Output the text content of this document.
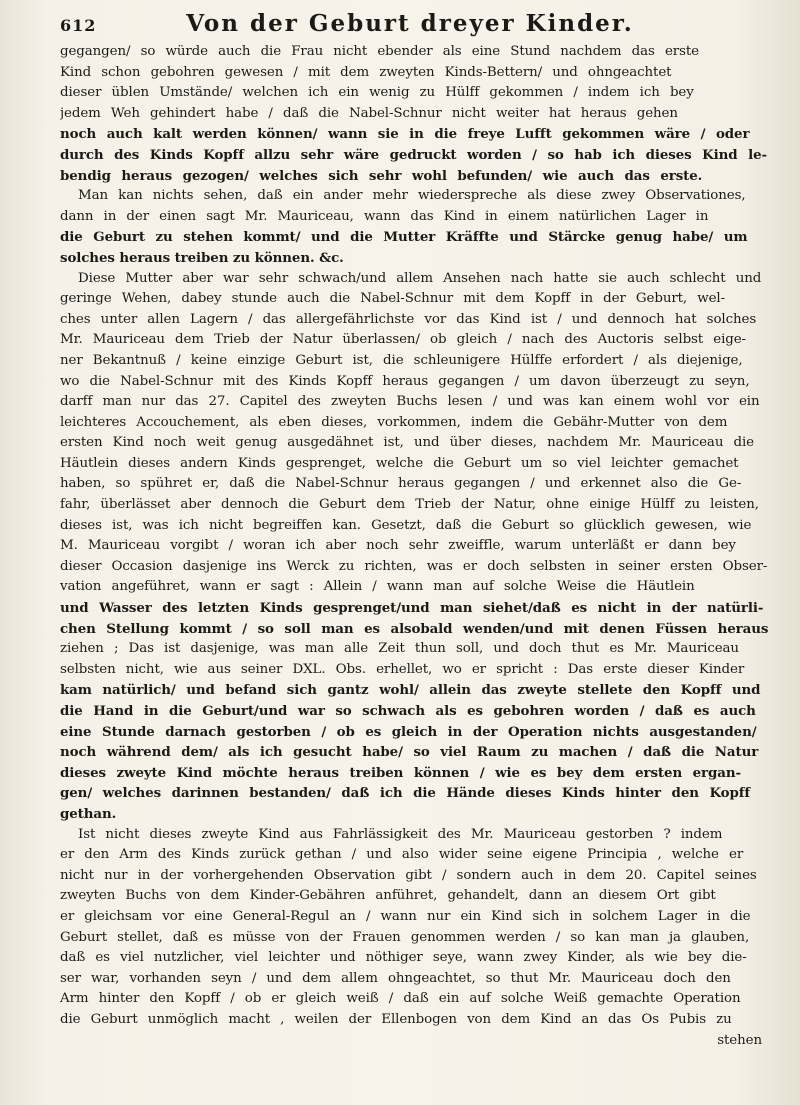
612	Von der Geburt dreyer Kinder.
gegangen/ so würde auch die Frau nicht ebender als eine Stund nachdem das erste
Kind schon gebohren gewesen / mit dem zweyten Kinds-Bettern/ und ohngeachtet
dieser üblen Umstände/ welchen ich ein wenig zu Hülff gekommen / indem ich bey
jedem Weh gehindert habe / daß die Nabel-Schnur nicht weiter hat heraus gehen
noch auch kalt werden können/ wann sie in die freye Lufft gekommen wäre / oder
durch des Kinds Kopff allzu sehr wäre gedruckt worden / so hab ich dieses Kind le-
bendig heraus gezogen/ welches sich sehr wohl befunden/ wie auch das erste.
Man kan nichts sehen, daß ein ander mehr wiederspreche als diese zwey Observationes,
dann in der einen sagt Mr. Mauriceau, wann das Kind in einem natürlichen Lager in
die Geburt zu stehen kommt/ und die Mutter Kräffte und Stärcke genug habe/ um
solches heraus treiben zu können. &c.
Diese Mutter aber war sehr schwach/und allem Ansehen nach hatte sie auch schlecht und
geringe Wehen, dabey stunde auch die Nabel-Schnur mit dem Kopff in der Geburt, wel-
ches unter allen Lagern / das allergefährlichste vor das Kind ist / und dennoch hat solches
Mr. Mauriceau dem Trieb der Natur überlassen/ ob gleich / nach des Auctoris selbst eige-
ner Bekantnuß / keine einzige Geburt ist, die schleunigere Hülffe erfordert / als diejenige,
wo die Nabel-Schnur mit des Kinds Kopff heraus gegangen / um davon überzeugt zu seyn,
darff man nur das 27. Capitel des zweyten Buchs lesen / und was kan einem wohl vor ein
leichteres Accouchement, als eben dieses, vorkommen, indem die Gebähr-Mutter von dem
ersten Kind noch weit genug ausgedähnet ist, und über dieses, nachdem Mr. Mauriceau die
Häutlein dieses andern Kinds gesprenget, welche die Geburt um so viel leichter gemachet
haben, so spühret er, daß die Nabel-Schnur heraus gegangen / und erkennet also die Ge-
fahr, überlässet aber dennoch die Geburt dem Trieb der Natur, ohne einige Hülff zu leisten,
dieses ist, was ich nicht begreiffen kan. Gesetzt, daß die Geburt so glücklich gewesen, wie
M. Mauriceau vorgibt / woran ich aber noch sehr zweiffle, warum unterläßt er dann bey
dieser Occasion dasjenige ins Werck zu richten, was er doch selbsten in seiner ersten Obser-
vation angeführet, wann er sagt : Allein / wann man auf solche Weise die Häutlein
und Wasser des letzten Kinds gesprenget/und man siehet/daß es nicht in der natürli-
chen Stellung kommt / so soll man es alsobald wenden/und mit denen Füssen heraus
ziehen ; Das ist dasjenige, was man alle Zeit thun soll, und doch thut es Mr. Mauriceau
selbsten nicht, wie aus seiner DXL. Obs. erhellet, wo er spricht : Das erste dieser Kinder
kam natürlich/ und befand sich gantz wohl/ allein das zweyte stellete den Kopff und
die Hand in die Geburt/und war so schwach als es gebohren worden / daß es auch
eine Stunde darnach gestorben / ob es gleich in der Operation nichts ausgestanden/
noch während dem/ als ich gesucht habe/ so viel Raum zu machen / daß die Natur
dieses zweyte Kind möchte heraus treiben können / wie es bey dem ersten ergan-
gen/ welches darinnen bestanden/ daß ich die Hände dieses Kinds hinter den Kopff
gethan.
Ist nicht dieses zweyte Kind aus Fahrlässigkeit des Mr. Mauriceau gestorben ? indem
er den Arm des Kinds zurück gethan / und also wider seine eigene Principia , welche er
nicht nur in der vorhergehenden Observation gibt / sondern auch in dem 20. Capitel seines
zweyten Buchs von dem Kinder-Gebähren anführet, gehandelt, dann an diesem Ort gibt
er gleichsam vor eine General-Regul an / wann nur ein Kind sich in solchem Lager in die
Geburt stellet, daß es müsse von der Frauen genommen werden / so kan man ja glauben,
daß es viel nutzlicher, viel leichter und nöthiger seye, wann zwey Kinder, als wie bey die-
ser war, vorhanden seyn / und dem allem ohngeachtet, so thut Mr. Mauriceau doch den
Arm hinter den Kopff / ob er gleich weiß / daß ein auf solche Weiß gemachte Operation
die Geburt unmöglich macht , weilen der Ellenbogen von dem Kind an das Os Pubis zu
stehen
